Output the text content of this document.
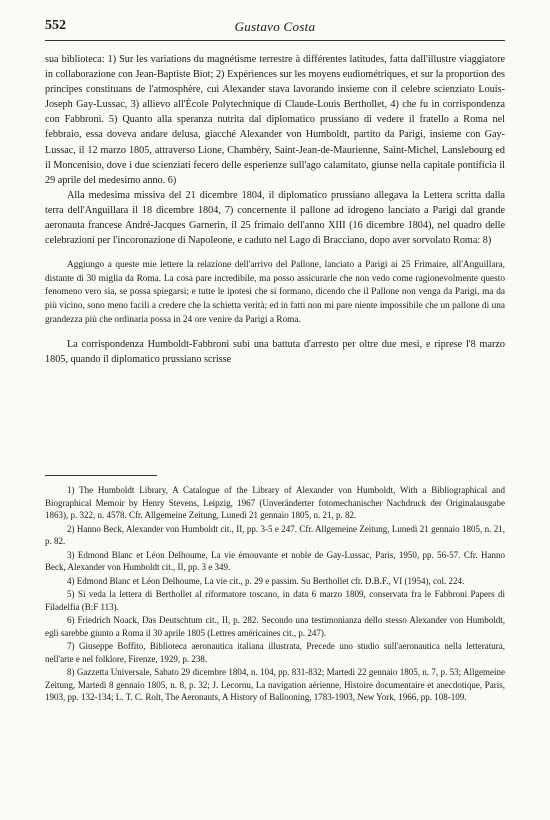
552	Gustavo Costa

sua biblioteca: 1) Sur les variations du magnétisme terrestre à différentes latitudes, fatta dall'illustre viaggiatore in collaborazione con Jean-Baptiste Biot; 2) Expériences sur les moyens eudiométriques, et sur la proportion des principes constituans de l'atmosphère, cui Alexander stava lavorando insieme con il celebre scienziato Louis-Joseph Gay-Lussac, 3) allievo all'École Polytechnique di Claude-Louis Berthollet, 4) che fu in corrispondenza con Fabbroni. 5) Quanto alla speranza nutrita dal diplomatico prussiano di vedere il fratello a Roma nel febbraio, essa doveva andare delusa, giacché Alexander von Humboldt, partito da Parigi, insieme con Gay-Lussac, il 12 marzo 1805, attraverso Lione, Chambéry, Saint-Jean-de-Maurienne, Saint-Michel, Lanslebourg ed il Moncenisio, dove i due scienziati fecero delle esperienze sull'ago calamitato, giunse nella capitale pontificia il 29 aprile del medesimo anno. 6)

Alla medesima missiva del 21 dicembre 1804, il diplomatico prussiano allegava la Lettera scritta dalla terra dell'Anguillara il 18 dicembre 1804, 7) concernente il pallone ad idrogeno lanciato a Parigi dal grande aeronauta francese André-Jacques Garnerin, il 25 frimaio dell'anno XIII (16 dicembre 1804), nel quadro delle celebrazioni per l'incoronazione di Napoleone, e caduto nel Lago di Bracciano, dopo aver sorvolato Roma: 8)

Aggiungo a queste mie lettere la relazione dell'arrivo del Pallone, lanciato a Parigi ai 25 Frimaire, all'Anguillara, distante di 30 miglia da Roma. La cosa pare incredibile, ma posso assicurarle che non vedo come ragionevolmente questo fenomeno vero sia, se possa spiegarsi; e tutte le ipotesi che si formano, dicendo che il Pallone non venga da Parigi, ma da più vicino, sono meno facili a credere che la schietta verità; ed in fatti non mi pare niente impossibile che un pallone di una grandezza più che ordinaria possa in 24 ore venire da Parigi a Roma.

La corrispondenza Humboldt-Fabbroni subì una battuta d'arresto per oltre due mesi, e riprese l'8 marzo 1805, quando il diplomatico prussiano scrisse

1) The Humboldt Library, A Catalogue of the Library of Alexander von Humboldt, With a Bibliographical and Biographical Memoir by Henry Stevens, Leipzig, 1967 (Unveränderter fotomechanischer Nachdruck der Originalausgabe 1863), p. 322, n. 4578. Cfr. Allgemeine Zeitung, Lunedì 21 gennaio 1805, n. 21, p. 82.

2) Hanno Beck, Alexander von Humboldt cit., II, pp. 3-5 e 247. Cfr. Allgemeine Zeitung, Lunedì 21 gennaio 1805, n. 21, p. 82.

3) Edmond Blanc et Léon Delhoume, La vie émouvante et noble de Gay-Lussac, Paris, 1950, pp. 56-57. Cfr. Hanno Beck, Alexander von Humboldt cit., II, pp. 3 e 349.

4) Edmond Blanc et Léon Delhoume, La vie cit., p. 29 e passim. Su Berthollet cfr. D.B.F., VI (1954), col. 224.

5) Si veda la lettera di Berthollet al riformatore toscano, in data 6 marzo 1809, conservata fra le Fabbroni Papers di Filadelfia (B:F 113).

6) Friedrich Noack, Das Deutschtum cit., II, p. 282. Secondo una testimonianza dello stesso Alexander von Humboldt, egli sarebbe giunto a Roma il 30 aprile 1805 (Lettres américaines cit., p. 247).

7) Giuseppe Boffito, Biblioteca aeronautica italiana illustrata, Precede uno studio sull'aeronautica nella letteratura, nell'arte e nel folklore, Firenze, 1929, p. 238.

8) Gazzetta Universale, Sabato 29 dicembre 1804, n. 104, pp. 831-832; Martedì 22 gennaio 1805, n. 7, p. 53; Allgemeine Zeitung, Martedì 8 gennaio 1805, n. 8, p. 32; J. Lecornu, La navigation aérienne, Histoire documentaire et anecdotique, Paris, 1903, pp. 132-134; L. T. C. Rolt, The Aeronauts, A History of Ballooning, 1783-1903, New York, 1966, pp. 108-109.
